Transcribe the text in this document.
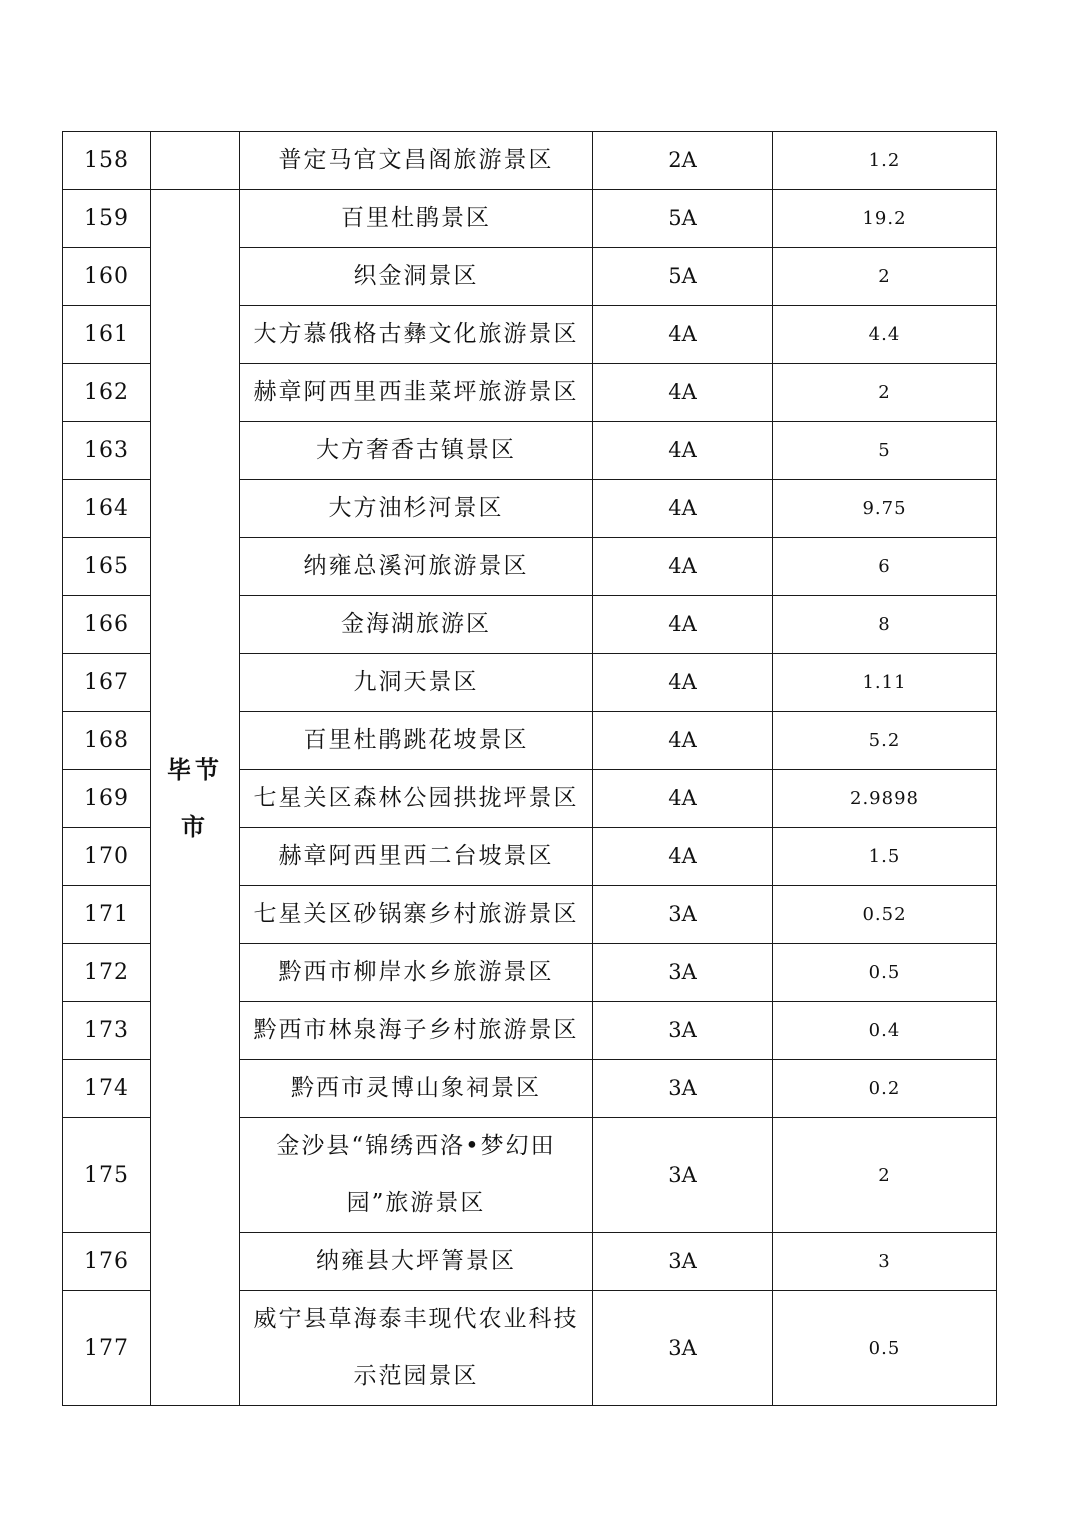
158		普定马官文昌阁旅游景区	2A	1.2
159	毕节市	百里杜鹃景区	5A	19.2
160		织金洞景区	5A	2
161		大方慕俄格古彝文化旅游景区	4A	4.4
162		赫章阿西里西韭菜坪旅游景区	4A	2
163		大方奢香古镇景区	4A	5
164		大方油杉河景区	4A	9.75
165		纳雍总溪河旅游景区	4A	6
166		金海湖旅游区	4A	8
167		九洞天景区	4A	1.11
168		百里杜鹃跳花坡景区	4A	5.2
169		七星关区森林公园拱拢坪景区	4A	2.9898
170		赫章阿西里西二台坡景区	4A	1.5
171		七星关区砂锅寨乡村旅游景区	3A	0.52
172		黔西市柳岸水乡旅游景区	3A	0.5
173		黔西市林泉海子乡村旅游景区	3A	0.4
174		黔西市灵博山象祠景区	3A	0.2
175		金沙县“锦绣西洛•梦幻田园”旅游景区	3A	2
176		纳雍县大坪箐景区	3A	3
177		威宁县草海泰丰现代农业科技示范园景区	3A	0.5
